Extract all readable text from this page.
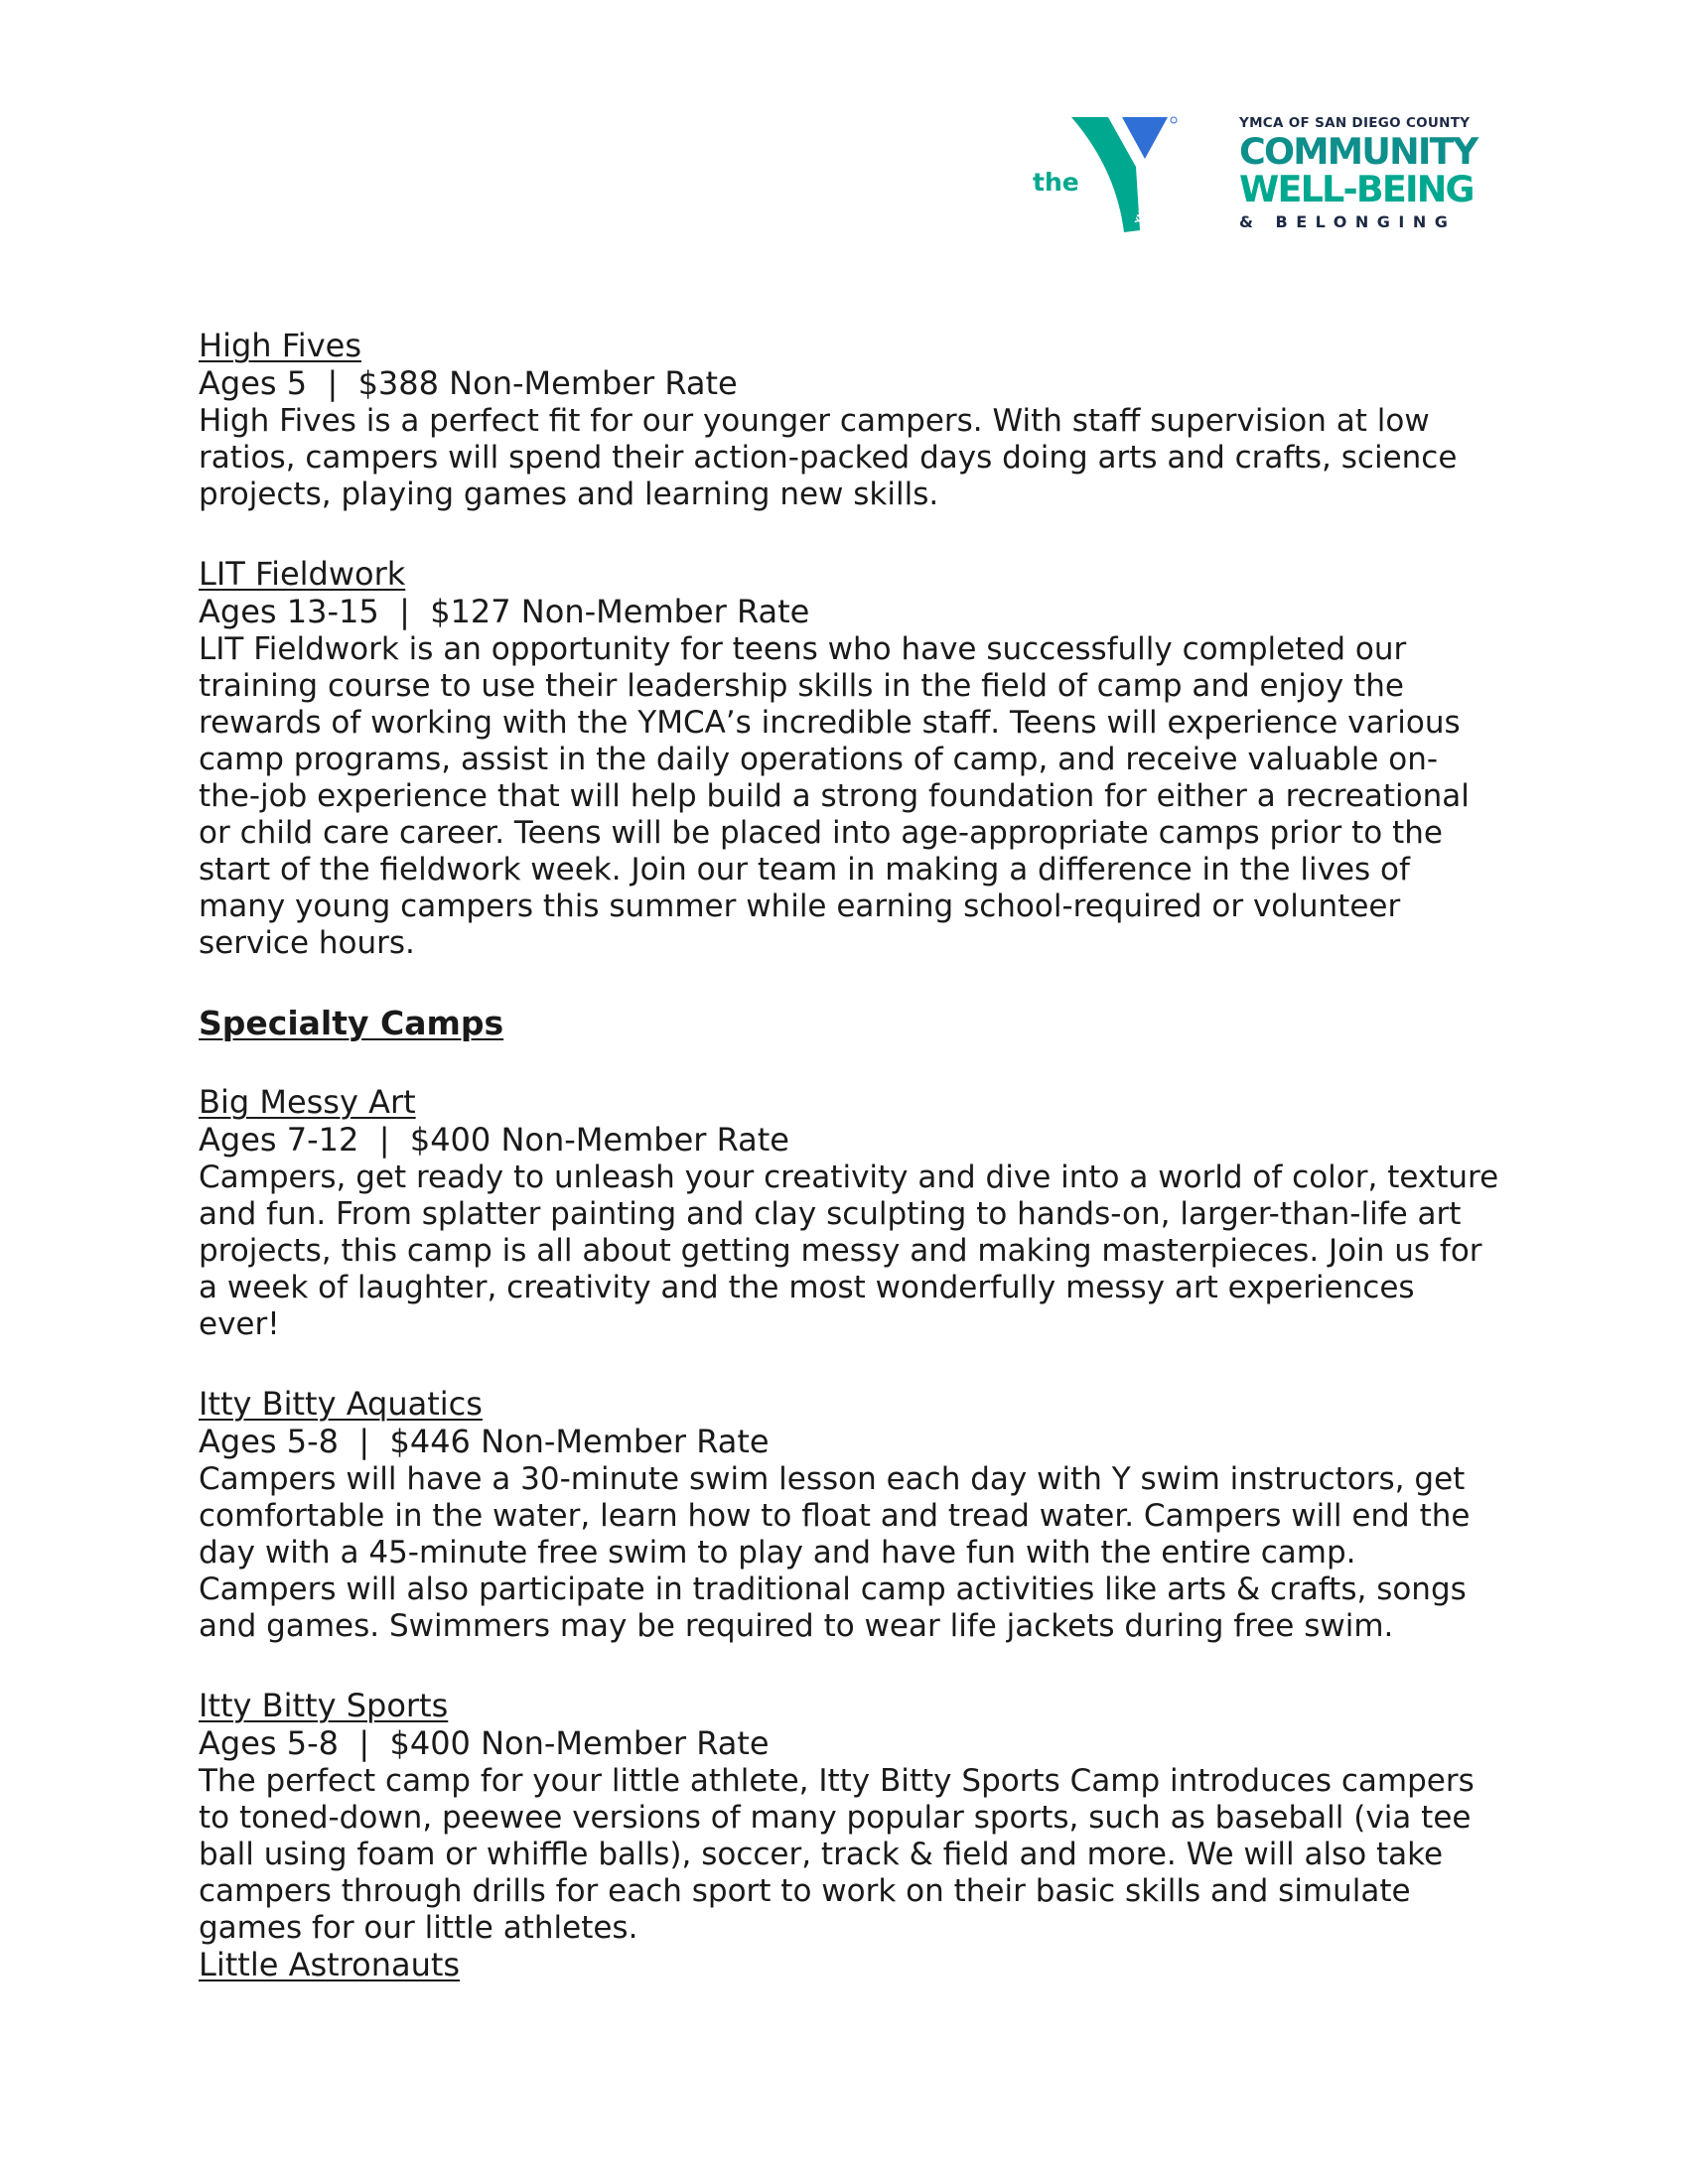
the
YMCA
YMCA OF SAN DIEGO COUNTY
COMMUNITY
WELL-BEING
& BELONGING
High Fives
Ages 5  |  $388 Non-Member Rate

High Fives is a perfect fit for our younger campers. With staff supervision at low ratios, campers will spend their action-packed days doing arts and crafts, science projects, playing games and learning new skills.

LIT Fieldwork
Ages 13-15  |  $127 Non-Member Rate

LIT Fieldwork is an opportunity for teens who have successfully completed our training course to use their leadership skills in the field of camp and enjoy the rewards of working with the YMCA’s incredible staff. Teens will experience various camp programs, assist in the daily operations of camp, and receive valuable on-the-job experience that will help build a strong foundation for either a recreational or child care career. Teens will be placed into age-appropriate camps prior to the start of the fieldwork week. Join our team in making a difference in the lives of many young campers this summer while earning school-required or volunteer service hours.

Specialty Camps
Big Messy Art
Ages 7-12  |  $400 Non-Member Rate

Campers, get ready to unleash your creativity and dive into a world of color, texture and fun. From splatter painting and clay sculpting to hands-on, larger-than-life art projects, this camp is all about getting messy and making masterpieces. Join us for a week of laughter, creativity and the most wonderfully messy art experiences ever!

Itty Bitty Aquatics
Ages 5-8  |  $446 Non-Member Rate

Campers will have a 30-minute swim lesson each day with Y swim instructors, get comfortable in the water, learn how to float and tread water. Campers will end the day with a 45-minute free swim to play and have fun with the entire camp. Campers will also participate in traditional camp activities like arts & crafts, songs and games. Swimmers may be required to wear life jackets during free swim.

Itty Bitty Sports
Ages 5-8  |  $400 Non-Member Rate

The perfect camp for your little athlete, Itty Bitty Sports Camp introduces campers to toned-down, peewee versions of many popular sports, such as baseball (via tee ball using foam or whiffle balls), soccer, track & field and more. We will also take campers through drills for each sport to work on their basic skills and simulate games for our little athletes.

Little Astronauts
